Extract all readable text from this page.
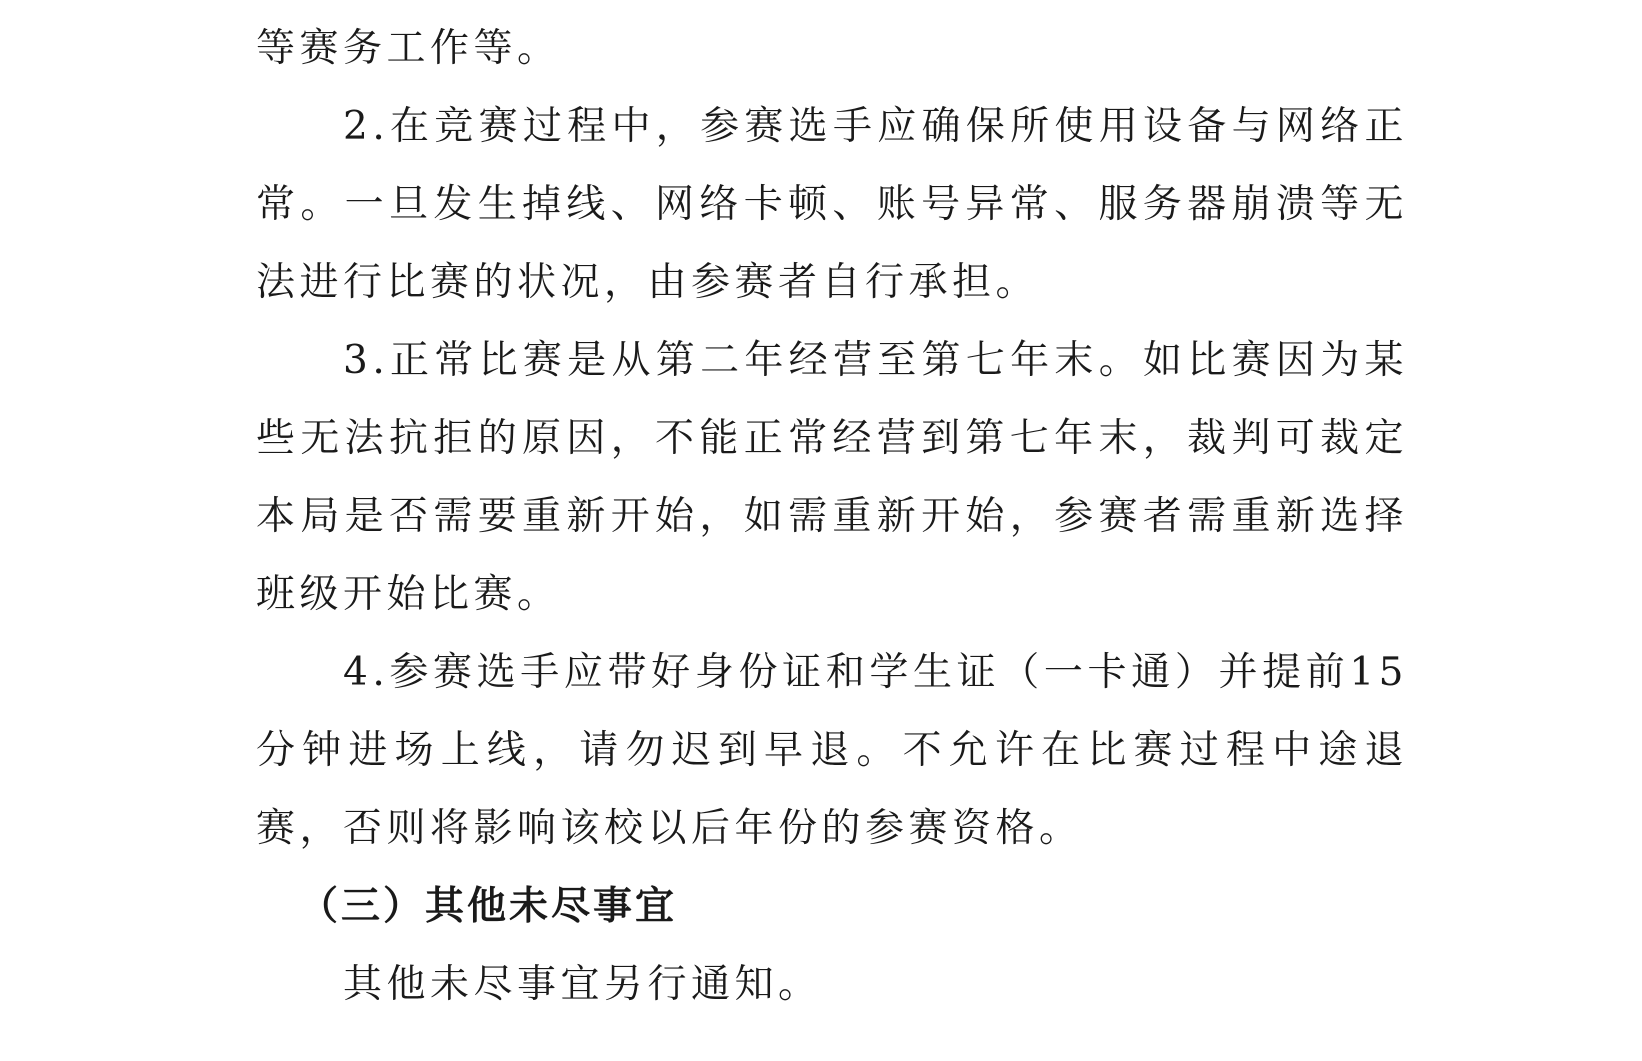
等赛务工作等。

2.在竞赛过程中，参赛选手应确保所使用设备与网络正常。一旦发生掉线、网络卡顿、账号异常、服务器崩溃等无法进行比赛的状况，由参赛者自行承担。

3.正常比赛是从第二年经营至第七年末。如比赛因为某些无法抗拒的原因，不能正常经营到第七年末，裁判可裁定本局是否需要重新开始，如需重新开始，参赛者需重新选择班级开始比赛。

4.参赛选手应带好身份证和学生证（一卡通）并提前15分钟进场上线，请勿迟到早退。不允许在比赛过程中途退赛，否则将影响该校以后年份的参赛资格。

（三）其他未尽事宜

其他未尽事宜另行通知。
